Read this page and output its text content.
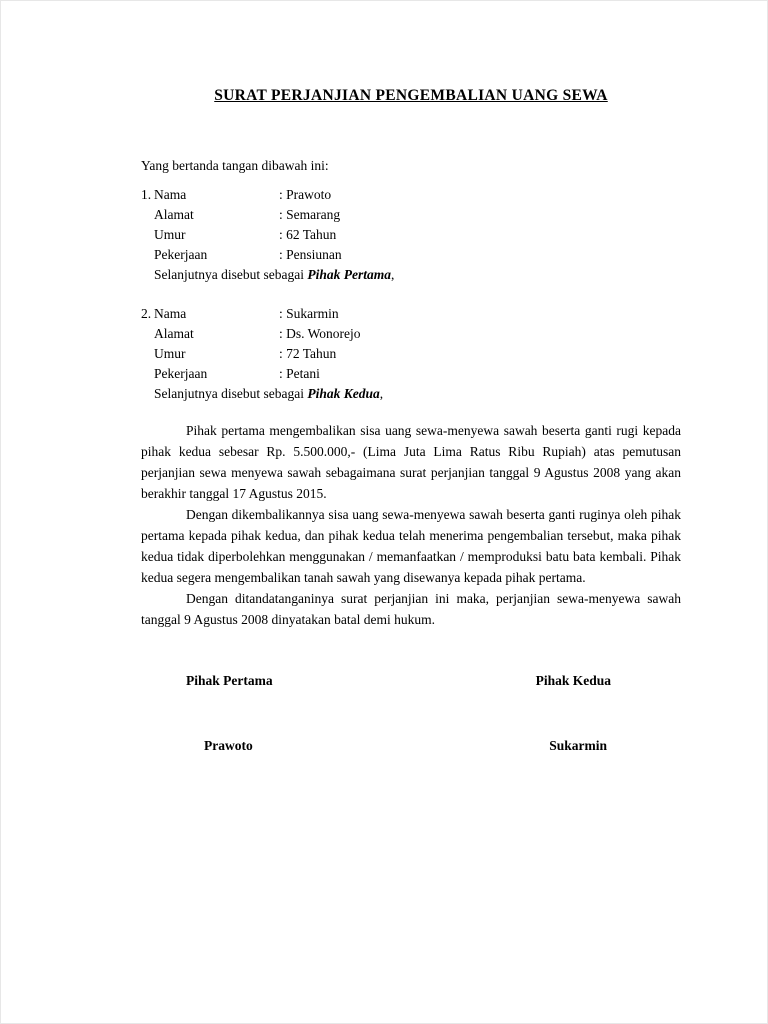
SURAT PERJANJIAN PENGEMBALIAN UANG SEWA
Yang bertanda tangan dibawah ini:
1. Nama	: Prawoto
Alamat	: Semarang
Umur	: 62 Tahun
Pekerjaan	: Pensiunan
Selanjutnya disebut sebagai Pihak Pertama,
2. Nama	: Sukarmin
Alamat	: Ds. Wonorejo
Umur	: 72 Tahun
Pekerjaan	: Petani
Selanjutnya disebut sebagai Pihak Kedua,

Pihak pertama mengembalikan sisa uang sewa-menyewa sawah beserta ganti rugi kepada pihak kedua sebesar Rp. 5.500.000,- (Lima Juta Lima Ratus Ribu Rupiah) atas pemutusan perjanjian sewa menyewa sawah sebagaimana surat perjanjian tanggal 9 Agustus 2008 yang akan berakhir tanggal 17 Agustus 2015.

Dengan dikembalikannya sisa uang sewa-menyewa sawah beserta ganti ruginya oleh pihak pertama kepada pihak kedua, dan pihak kedua telah menerima pengembalian tersebut, maka pihak kedua tidak diperbolehkan menggunakan / memanfaatkan / memproduksi batu bata kembali. Pihak kedua segera mengembalikan tanah sawah yang disewanya kepada pihak pertama.

Dengan ditandatanganinya surat perjanjian ini maka, perjanjian sewa-menyewa sawah tanggal 9 Agustus 2008 dinyatakan batal demi hukum.

Pihak Pertama	Pihak Kedua
Prawoto	Sukarmin
